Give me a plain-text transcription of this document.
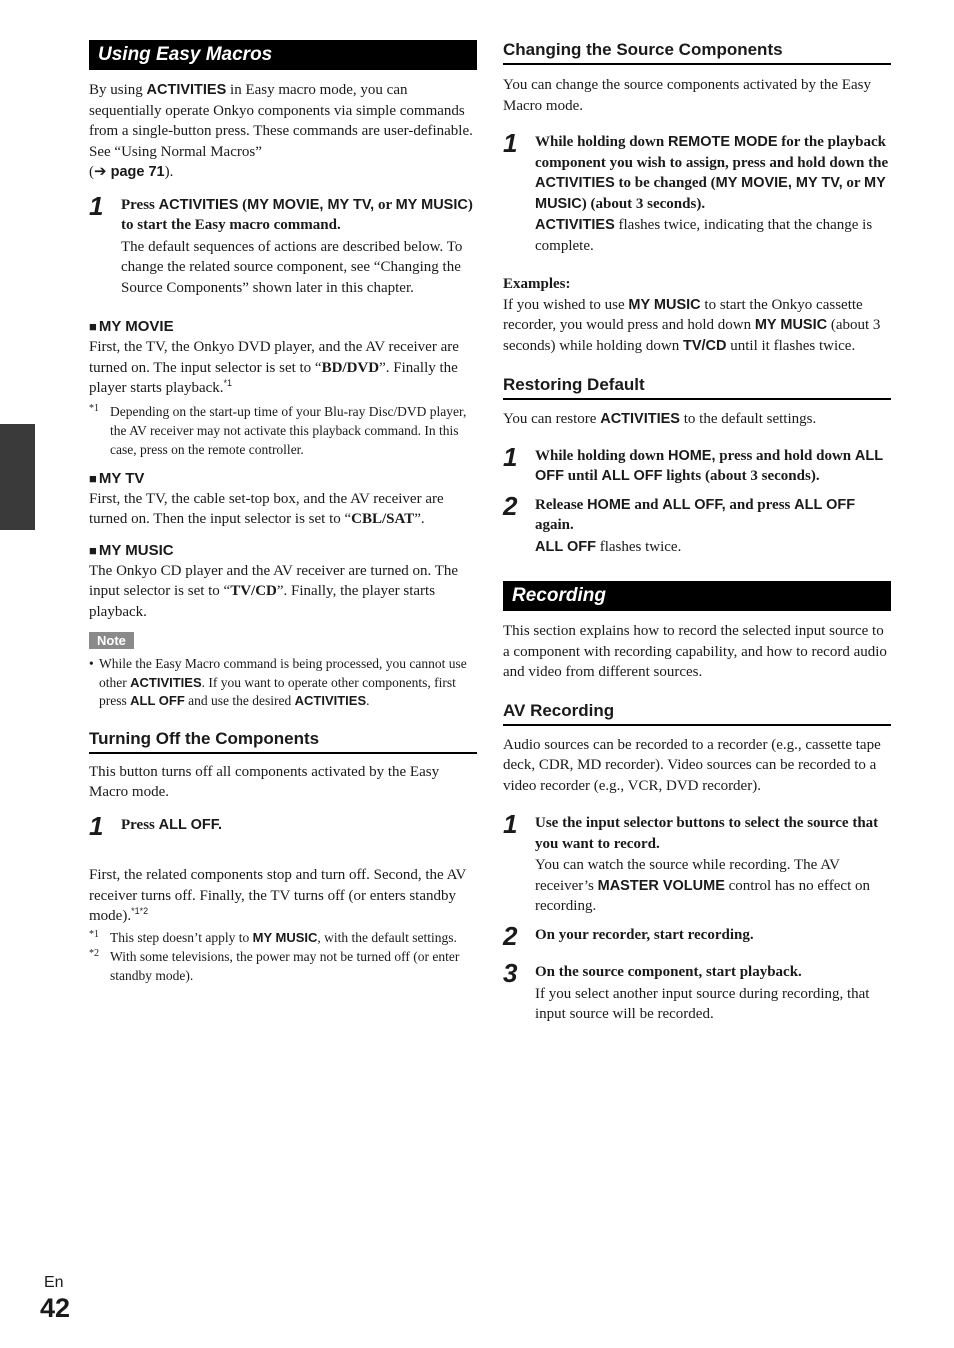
Using Easy Macros

By using ACTIVITIES in Easy macro mode, you can sequentially operate Onkyo components via simple commands from a single-button press. These commands are user-definable. See “Using Normal Macros”
(➔ page 71).

1 Press ACTIVITIES (MY MOVIE, MY TV, or MY MUSIC) to start the Easy macro command.

The default sequences of actions are described below. To change the related source component, see “Changing the Source Components” shown later in this chapter.

■ MY MOVIE

First, the TV, the Onkyo DVD player, and the AV receiver are turned on. The input selector is set to “BD/DVD”. Finally the player starts playback.$^{*1}$

*1 Depending on the start-up time of your Blu-ray Disc/DVD player, the AV receiver may not activate this playback command. In this case, press on the remote controller.
■ MY TV

First, the TV, the cable set-top box, and the AV receiver are turned on. Then the input selector is set to “CBL/SAT”.

■ MY MUSIC

The Onkyo CD player and the AV receiver are turned on. The input selector is set to “TV/CD”. Finally, the player starts playback.

Note
• While the Easy Macro command is being processed, you cannot use other ACTIVITIES. If you want to operate other components, first press ALL OFF and use the desired ACTIVITIES.
Turning Off the Components

This button turns off all components activated by the Easy Macro mode.

1 Press ALL OFF.

First, the related components stop and turn off. Second, the AV receiver turns off. Finally, the TV turns off (or enters standby mode).$^{*1*2}$

*1 This step doesn’t apply to MY MUSIC, with the default settings.
*2 With some televisions, the power may not be turned off (or enter standby mode).
Changing the Source Components

You can change the source components activated by the Easy Macro mode.

1 While holding down REMOTE MODE for the playback component you wish to assign, press and hold down the ACTIVITIES to be changed (MY MOVIE, MY TV, or MY MUSIC) (about 3 seconds).

ACTIVITIES flashes twice, indicating that the change is complete.

Examples:

If you wished to use MY MUSIC to start the Onkyo cassette recorder, you would press and hold down MY MUSIC (about 3 seconds) while holding down TV/CD until it flashes twice.

Restoring Default

You can restore ACTIVITIES to the default settings.

1 While holding down HOME, press and hold down ALL OFF until ALL OFF lights (about 3 seconds).

2 Release HOME and ALL OFF, and press ALL OFF again.

ALL OFF flashes twice.

Recording

This section explains how to record the selected input source to a component with recording capability, and how to record audio and video from different sources.

AV Recording

Audio sources can be recorded to a recorder (e.g., cassette tape deck, CDR, MD recorder). Video sources can be recorded to a video recorder (e.g., VCR, DVD recorder).

1 Use the input selector buttons to select the source that you want to record.

You can watch the source while recording. The AV receiver’s MASTER VOLUME control has no effect on recording.

2 On your recorder, start recording.

3 On the source component, start playback.

If you select another input source during recording, that input source will be recorded.

En
42
